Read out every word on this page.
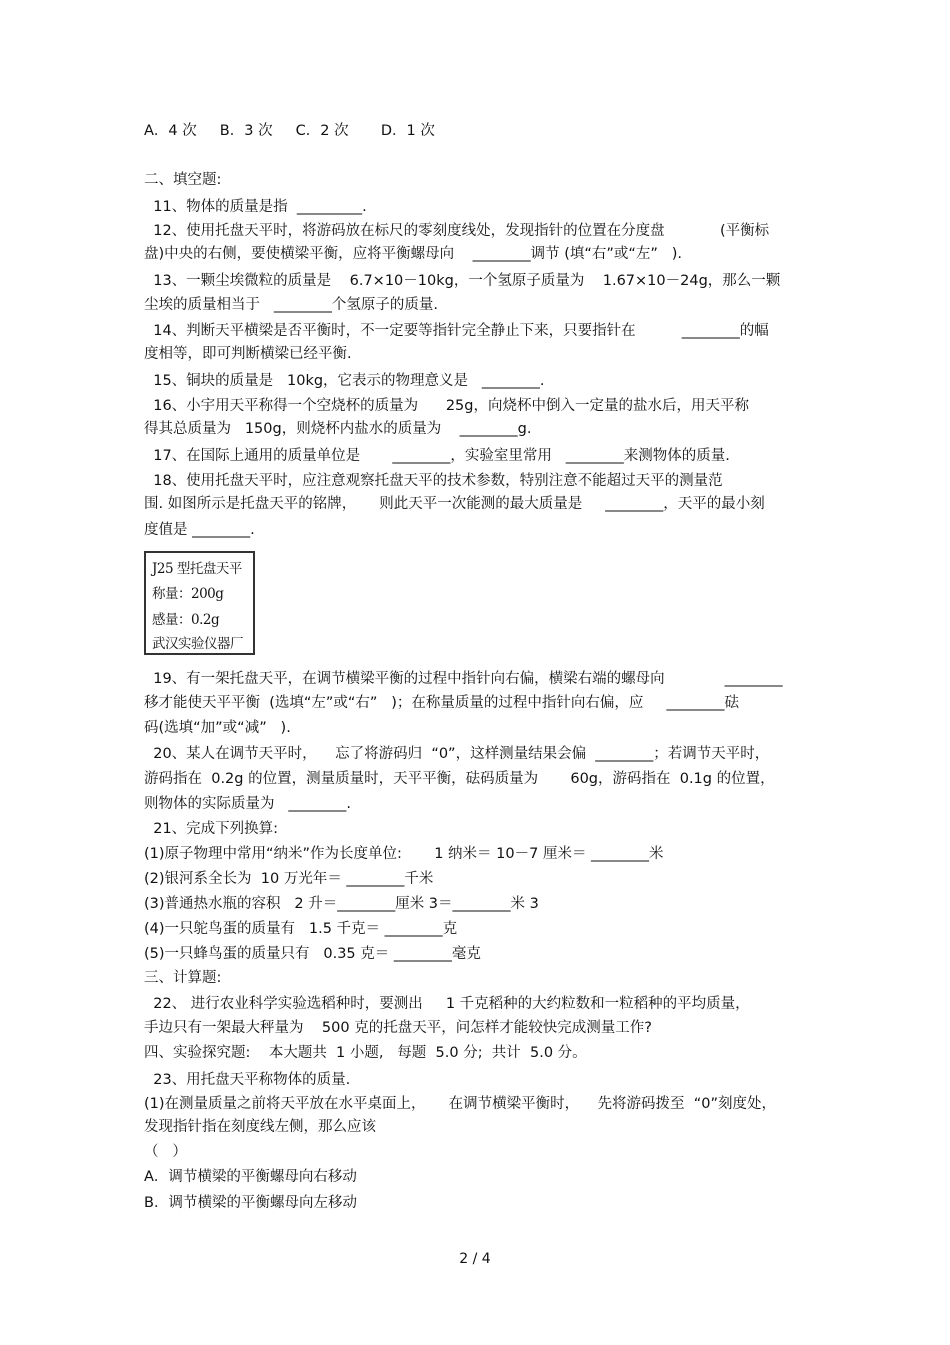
A．4 次     B．3 次     C．2 次       D．1 次
二、填空题:
11、物体的质量是指  _________.
12、使用托盘天平时，将游码放在标尺的零刻度线处，发现指针的位置在分度盘            (平衡标
盘)中央的右侧，要使横梁平衡，应将平衡螺母向    ________调节 (填“右”或“左”   ).
13、一颗尘埃微粒的质量是    6.7×10－10kg，一个氢原子质量为    1.67×10－24g，那么一颗
尘埃的质量相当于   ________个氢原子的质量.
14、判断天平横梁是否平衡时，不一定要等指针完全静止下来，只要指针在          ________的幅
度相等，即可判断横梁已经平衡.
15、铜块的质量是   10kg，它表示的物理意义是   ________.
16、小宇用天平称得一个空烧杯的质量为      25g，向烧杯中倒入一定量的盐水后，用天平称
得其总质量为   150g，则烧杯内盐水的质量为    ________g.
17、在国际上通用的质量单位是       ________，实验室里常用   ________来测物体的质量.
18、使用托盘天平时，应注意观察托盘天平的技术参数，特别注意不能超过天平的测量范
围. 如图所示是托盘天平的铭牌，     则此天平一次能测的最大质量是     ________，天平的最小刻
度值是 ________.
J25 型托盘天平
称量：200g
感量：0.2g
武汉实验仪器厂
19、有一架托盘天平，在调节横梁平衡的过程中指针向右偏，横梁右端的螺母向             ________
移才能使天平平衡  (选填“左”或“右”   )；在称量质量的过程中指针向右偏，应     ________砝
码(选填“加”或“减”   ).
20、某人在调节天平时，    忘了将游码归  “0”，这样测量结果会偏  ________；若调节天平时，
游码指在  0.2g 的位置，测量质量时，天平平衡，砝码质量为       60g，游码指在  0.1g 的位置，
则物体的实际质量为   ________.
21、完成下列换算:
(1)原子物理中常用“纳米”作为长度单位:       1 纳米＝ 10－7 厘米＝ ________米
(2)银河系全长为  10 万光年＝ ________千米
(3)普通热水瓶的容积   2 升＝________厘米 3＝________米 3
(4)一只鸵鸟蛋的质量有   1.5 千克＝ ________克
(5)一只蜂鸟蛋的质量只有   0.35 克＝ ________毫克
三、计算题:
22、 进行农业科学实验选稻种时，要测出     1 千克稻种的大约粒数和一粒稻种的平均质量，
手边只有一架最大秤量为    500 克的托盘天平，问怎样才能较快完成测量工作?
四、实验探究题:    本大题共  1 小题,   每题  5.0 分;  共计  5.0 分。
23、用托盘天平称物体的质量.
(1)在测量质量之前将天平放在水平桌面上，     在调节横梁平衡时，    先将游码拨至  “0”刻度处，
发现指针指在刻度线左侧，那么应该
（   ）
A．调节横梁的平衡螺母向右移动
B．调节横梁的平衡螺母向左移动
2 / 4
